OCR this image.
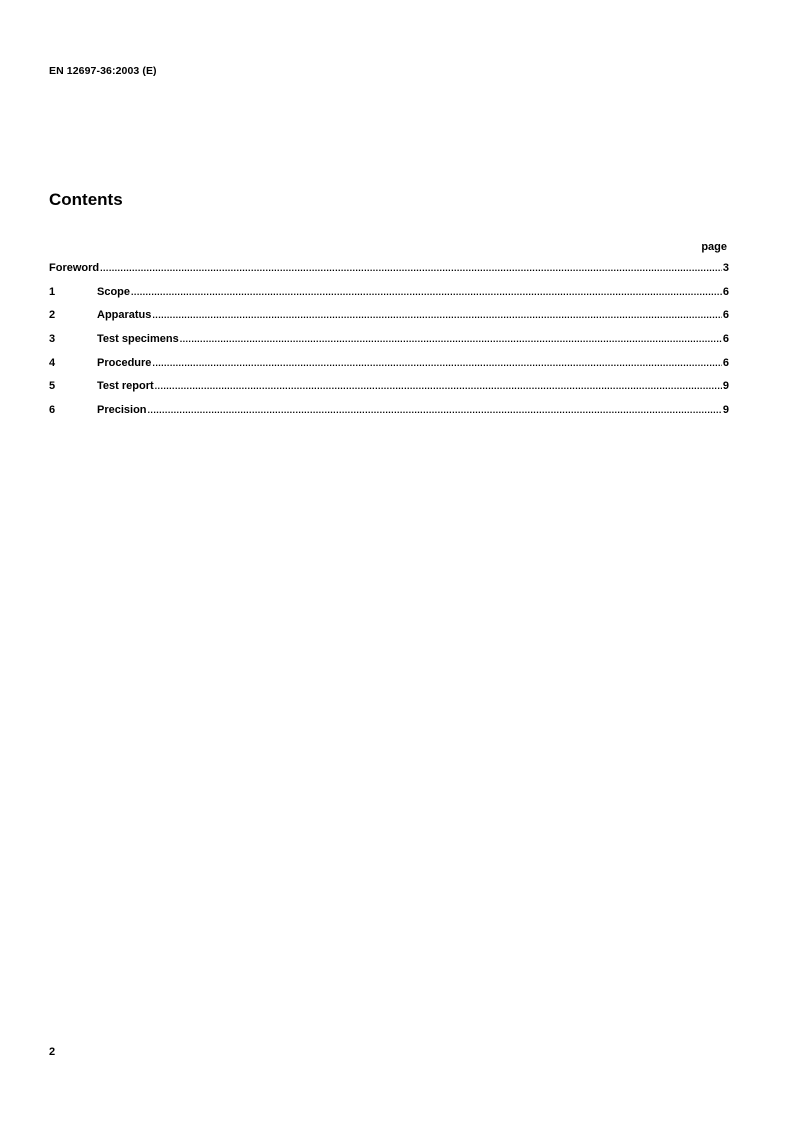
EN 12697-36:2003 (E)
Contents
page
Foreword .....	3
1	Scope .....	6
2	Apparatus .....	6
3	Test specimens .....	6
4	Procedure .....	6
5	Test report .....	9
6	Precision .....	9
2
